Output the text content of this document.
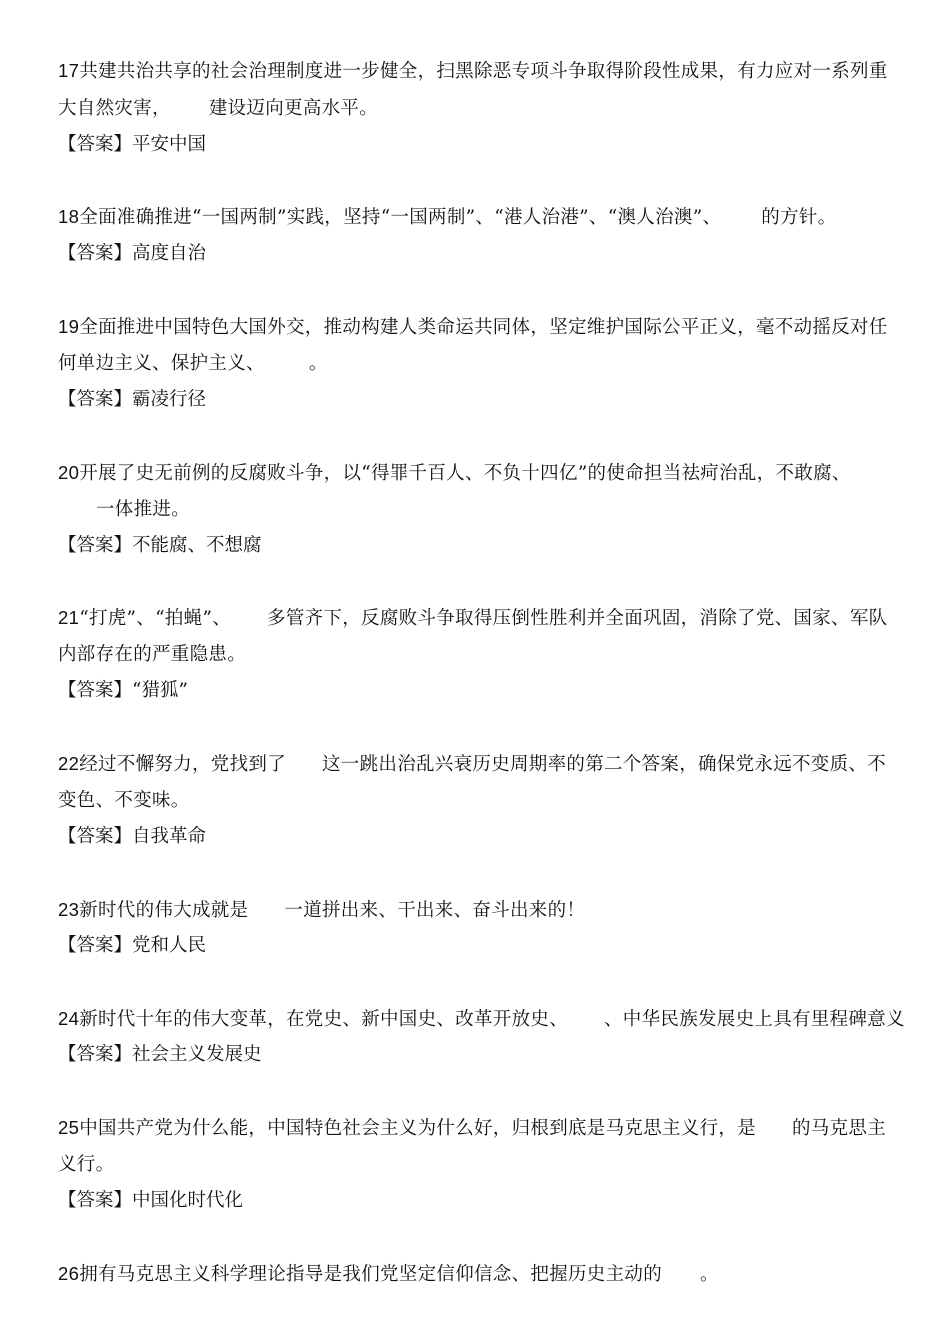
17共建共治共享的社会治理制度进一步健全，扫黑除恶专项斗争取得阶段性成果，有力应对一系列重
大自然灾害， 建设迈向更高水平。
【答案】平安中国
18全面准确推进“一国两制”实践，坚持“一国两制”、“港人治港”、“澳人治澳”、 的方针。
【答案】高度自治
19全面推进中国特色大国外交，推动构建人类命运共同体，坚定维护国际公平正义，毫不动摇反对任
何单边主义、保护主义、 。
【答案】霸凌行径
20开展了史无前例的反腐败斗争，以“得罪千百人、不负十四亿”的使命担当祛疴治乱，不敢腐、
一体推进。
【答案】不能腐、不想腐
21“打虎”、“拍蝇”、 多管齐下，反腐败斗争取得压倒性胜利并全面巩固，消除了党、国家、军队
内部存在的严重隐患。
【答案】“猎狐”
22经过不懈努力，党找到了 这一跳出治乱兴衰历史周期率的第二个答案，确保党永远不变质、不
变色、不变味。
【答案】自我革命
23新时代的伟大成就是 一道拼出来、干出来、奋斗出来的！
【答案】党和人民
24新时代十年的伟大变革，在党史、新中国史、改革开放史、 、中华民族发展史上具有里程碑意义
【答案】社会主义发展史
25中国共产党为什么能，中国特色社会主义为什么好，归根到底是马克思主义行，是 的马克思主
义行。
【答案】中国化时代化
26拥有马克思主义科学理论指导是我们党坚定信仰信念、把握历史主动的 。
